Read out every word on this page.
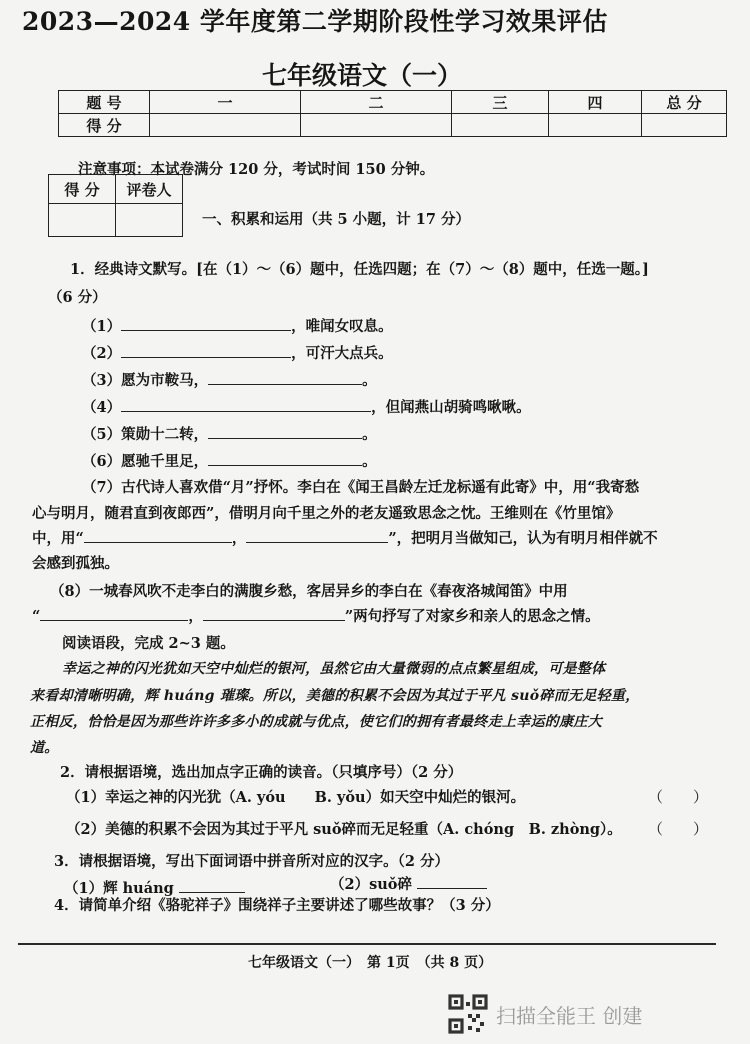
2023—2024 学年度第二学期阶段性学习效果评估
七年级语文（一）
题 号	一	二	三	四	总 分
得 分					
注意事项：本试卷满分 120 分，考试时间 150 分钟。
得 分	评卷人

一、积累和运用（共 5 小题，计 17 分）
1．经典诗文默写。[在（1）～（6）题中，任选四题；在（7）～（8）题中，任选一题。]
（6 分）
（1）	，唯闻女叹息。
（2）	，可汗大点兵。
（3）愿为市鞍马，	。
（4）	，但闻燕山胡骑鸣啾啾。
（5）策勋十二转，	。
（6）愿驰千里足，	。
（7）古代诗人喜欢借“月”抒怀。李白在《闻王昌龄左迁龙标遥有此寄》中，用“我寄愁
心与明月，随君直到夜郎西”，借明月向千里之外的老友遥致思念之忱。王维则在《竹里馆》
中，用“	，	”，把明月当做知己，认为有明月相伴就不
会感到孤独。
（8）一城春风吹不走李白的满腹乡愁，客居异乡的李白在《春夜洛城闻笛》中用
“	，	”两句抒写了对家乡和亲人的思念之情。
阅读语段，完成 2~3 题。
幸运之神的闪光犹如天空中灿烂的银河，虽然它由大量微弱的点点繁星组成，可是整体
来看却清晰明确，辉 huáng 璀璨。所以，美德的积累不会因为其过于平凡 suǒ碎而无足轻重，
正相反，恰恰是因为那些许许多多小的成就与优点，使它们的拥有者最终走上幸运的康庄大
道。
2．请根据语境，选出加点字正确的读音。（只填序号）（2 分）
（1）幸运之神的闪光犹（A. yóu　　B. yǒu）如天空中灿烂的银河。	（　　）
（2）美德的积累不会因为其过于平凡 suǒ碎而无足轻重（A. chóng　B. zhòng）。 （　　）
3．请根据语境，写出下面词语中拼音所对应的汉字。（2 分）
（1）辉 huáng	（2）suǒ碎
4．请简单介绍《骆驼祥子》围绕祥子主要讲述了哪些故事？（3 分）
七年级语文（一）　第 1页　（共 8 页）
扫描全能王 创建
